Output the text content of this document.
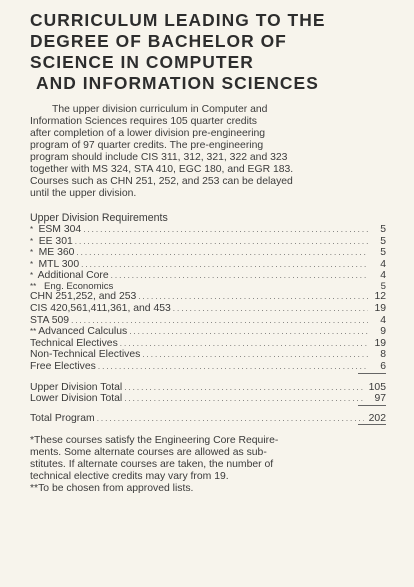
CURRICULUM LEADING TO THE
DEGREE OF BACHELOR OF
SCIENCE IN COMPUTER
AND INFORMATION SCIENCES
The upper division curriculum in Computer and
Information Sciences requires 105 quarter credits
after completion of a lower division pre-engineering
program of 97 quarter credits. The pre-engineering
program should include CIS 311, 312, 321, 322 and 323
together with MS 324, STA 410, EGC 180, and EGR 183.
Courses such as CHN 251, 252, and 253 can be delayed
until the upper division.
Upper Division Requirements
* ESM 304 .....	5
* EE 301 .....	5
* ME 360 .....	5
* MTL 300 .....	4
* Additional Core .....	4
** Eng. Economics	5
CHN 251,252, and 253 .....	12
CIS 420,561,411,361, and 453 .....	19
STA 509 .....	4
** Advanced Calculus .....	9
Technical Electives .....	19
Non-Technical Electives .....	8
Free Electives .....	6
Upper Division Total .....	105
Lower Division Total .....	97
Total Program .....	202
*These courses satisfy the Engineering Core Require-
ments. Some alternate courses are allowed as sub-
stitutes. If alternate courses are taken, the number of
technical elective credits may vary from 19.
**To be chosen from approved lists.
